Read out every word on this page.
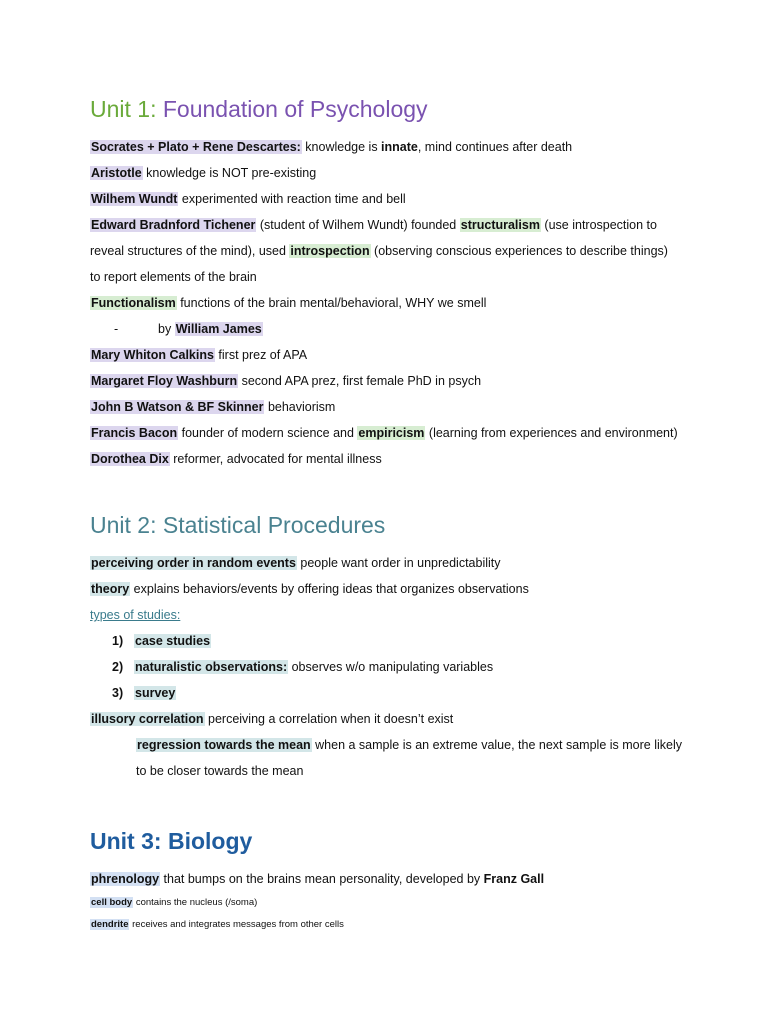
Unit 1: Foundation of Psychology
Socrates + Plato + Rene Descartes: knowledge is innate, mind continues after death
Aristotle knowledge is NOT pre-existing
Wilhem Wundt experimented with reaction time and bell
Edward Bradnford Tichener (student of Wilhem Wundt) founded structuralism (use introspection to
reveal structures of the mind), used introspection (observing conscious experiences to describe things)
to report elements of the brain
Functionalism functions of the brain mental/behavioral, WHY we smell
-	by William James
Mary Whiton Calkins first prez of APA
Margaret Floy Washburn second APA prez, first female PhD in psych
John B Watson & BF Skinner behaviorism
Francis Bacon founder of modern science and empiricism (learning from experiences and environment)
Dorothea Dix reformer, advocated for mental illness
Unit 2: Statistical Procedures
perceiving order in random events people want order in unpredictability
theory explains behaviors/events by offering ideas that organizes observations
types of studies:
1) case studies
2) naturalistic observations: observes w/o manipulating variables
3) survey
illusory correlation perceiving a correlation when it doesn’t exist
regression towards the mean when a sample is an extreme value, the next sample is more likely
to be closer towards the mean
Unit 3: Biology
phrenology that bumps on the brains mean personality, developed by Franz Gall
cell body contains the nucleus (/soma)
dendrite receives and integrates messages from other cells
